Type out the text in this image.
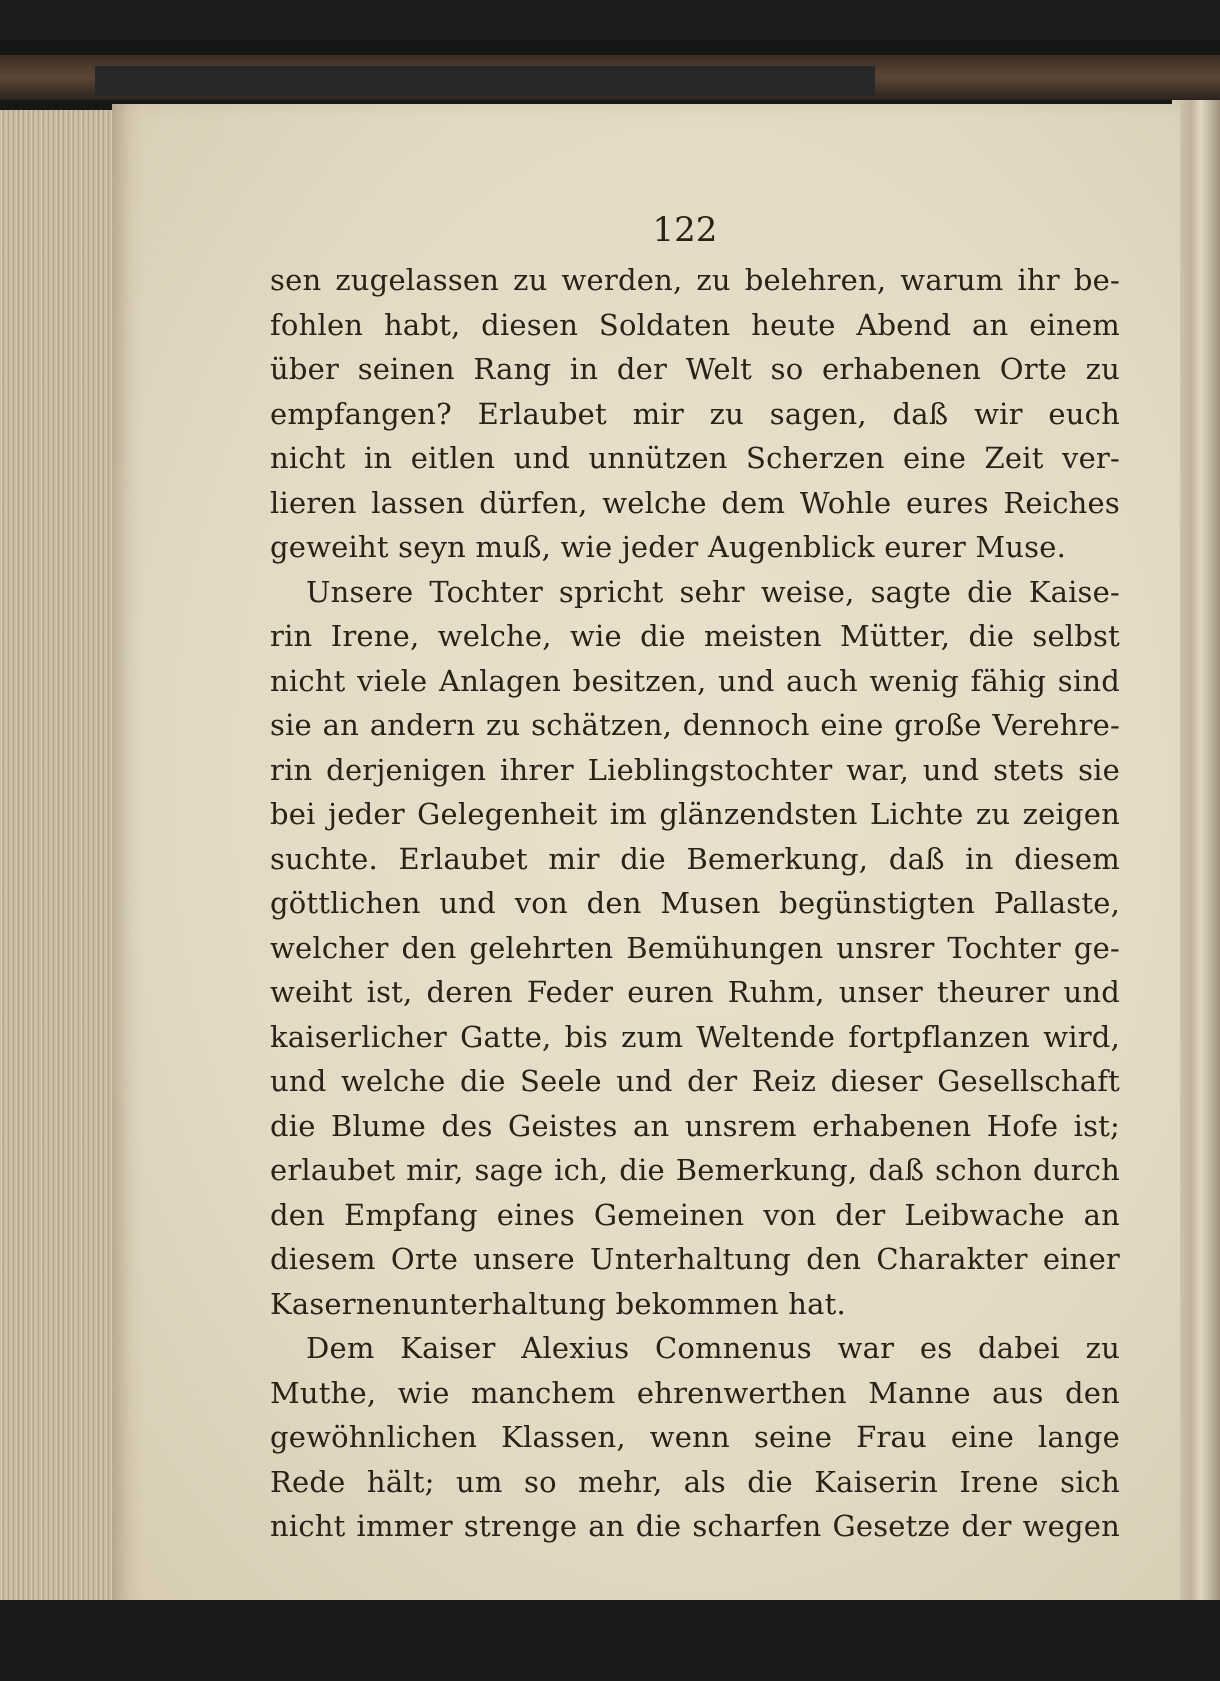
122
sen zugelassen zu werden, zu belehren, warum ihr be-
fohlen habt, diesen Soldaten heute Abend an einem
über seinen Rang in der Welt so erhabenen Orte zu
empfangen? Erlaubet mir zu sagen, daß wir euch
nicht in eitlen und unnützen Scherzen eine Zeit ver-
lieren lassen dürfen, welche dem Wohle eures Reiches
geweiht seyn muß, wie jeder Augenblick eurer Muse.
Unsere Tochter spricht sehr weise, sagte die Kaise-
rin Irene, welche, wie die meisten Mütter, die selbst
nicht viele Anlagen besitzen, und auch wenig fähig sind
sie an andern zu schätzen, dennoch eine große Verehre-
rin derjenigen ihrer Lieblingstochter war, und stets sie
bei jeder Gelegenheit im glänzendsten Lichte zu zeigen
suchte. Erlaubet mir die Bemerkung, daß in diesem
göttlichen und von den Musen begünstigten Pallaste,
welcher den gelehrten Bemühungen unsrer Tochter ge-
weiht ist, deren Feder euren Ruhm, unser theurer und
kaiserlicher Gatte, bis zum Weltende fortpflanzen wird,
und welche die Seele und der Reiz dieser Gesellschaft
die Blume des Geistes an unsrem erhabenen Hofe ist;
erlaubet mir, sage ich, die Bemerkung, daß schon durch
den Empfang eines Gemeinen von der Leibwache an
diesem Orte unsere Unterhaltung den Charakter einer
Kasernenunterhaltung bekommen hat.
Dem Kaiser Alexius Comnenus war es dabei zu
Muthe, wie manchem ehrenwerthen Manne aus den
gewöhnlichen Klassen, wenn seine Frau eine lange
Rede hält; um so mehr, als die Kaiserin Irene sich
nicht immer strenge an die scharfen Gesetze der wegen
